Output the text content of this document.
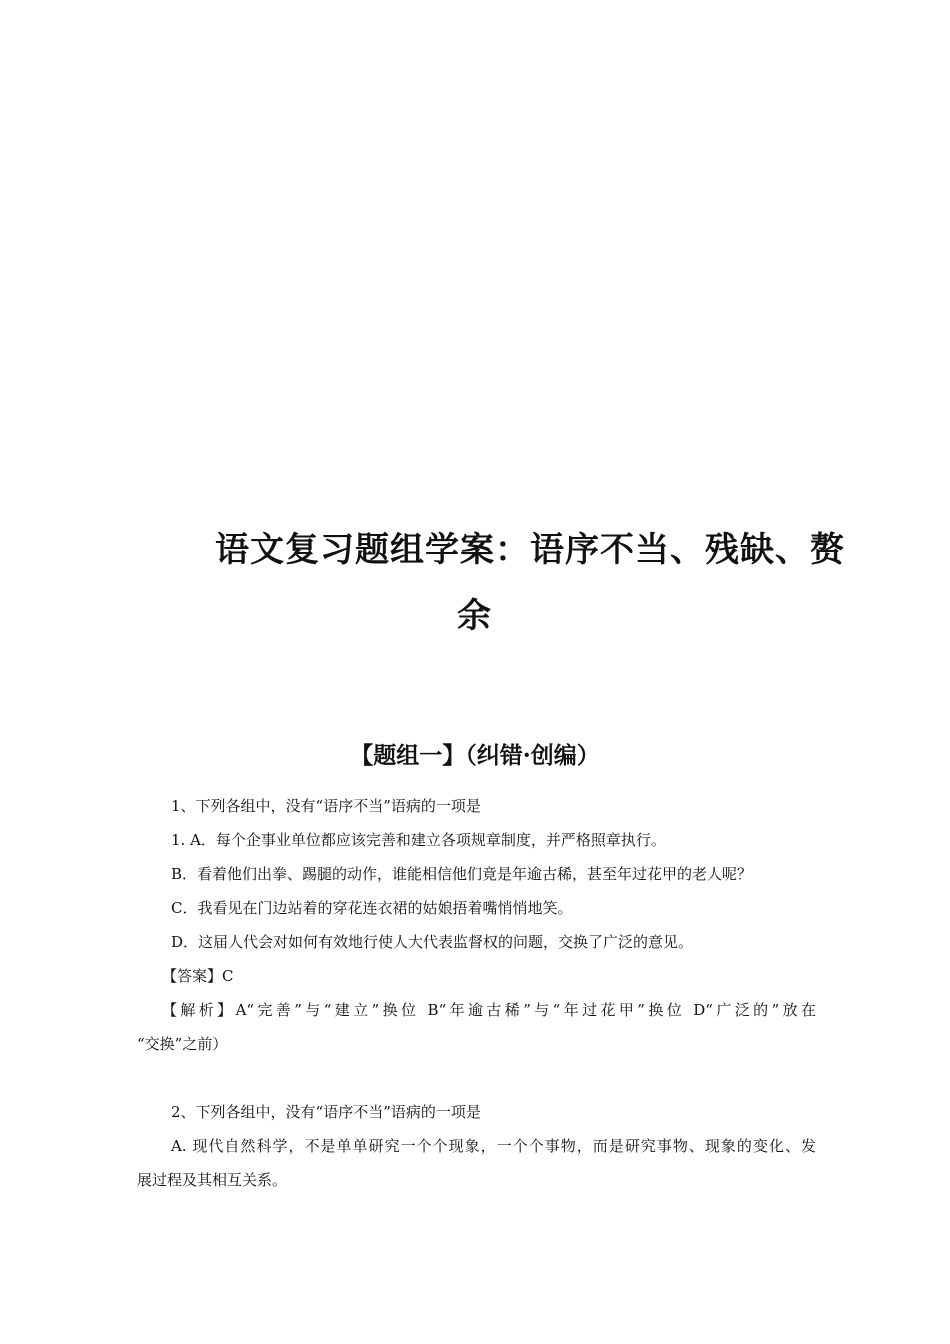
语文复习题组学案：语序不当、残缺、赘
余
【题组一】（纠错·创编）
1、下列各组中，没有“语序不当”语病的一项是
1. A．每个企事业单位都应该完善和建立各项规章制度，并严格照章执行。
B．看着他们出拳、踢腿的动作，谁能相信他们竟是年逾古稀，甚至年过花甲的老人呢？
C．我看见在门边站着的穿花连衣裙的姑娘捂着嘴悄悄地笑。
D．这届人代会对如何有效地行使人大代表监督权的问题，交换了广泛的意见。
【答案】C
【解析】A“完善”与“建立”换位 B“年逾古稀”与“年过花甲”换位 D“广泛的”放在
“交换”之前）
2、下列各组中，没有“语序不当”语病的一项是
A. 现代自然科学，不是单单研究一个个现象，一个个事物，而是研究事物、现象的变化、发
展过程及其相互关系。
